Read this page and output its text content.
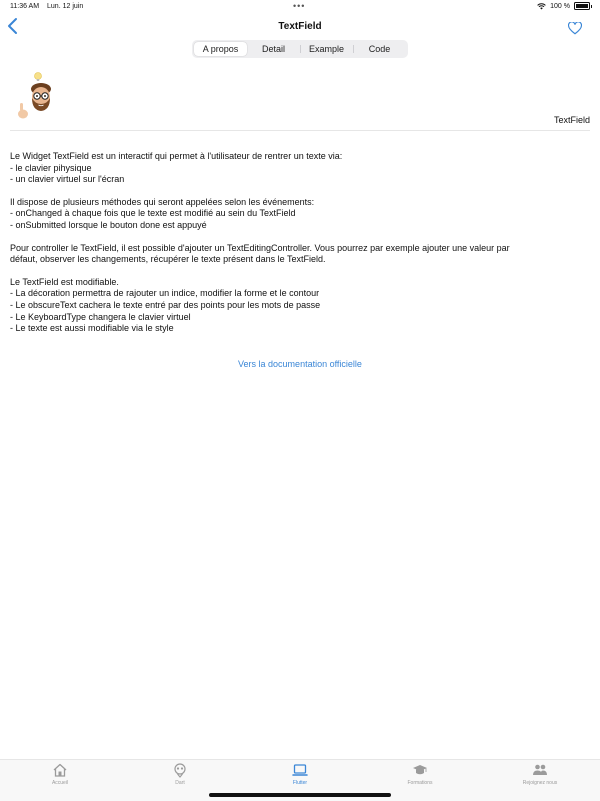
11:36 AM Lun. 12 juin	•••	100 %
TextField
A propos	Detail	Example	Code
TextField
Le Widget TextField est un interactif qui permet à l'utilisateur de rentrer un texte via:
- le clavier pihysique
- un clavier virtuel sur l'écran
Il dispose de plusieurs méthodes qui seront appelées selon les événements:
- onChanged à chaque fois que le texte est modifié au sein du TextField
- onSubmitted lorsque le bouton done est appuyé
Pour controller le TextField, il est possible d'ajouter un TextEditingController. Vous pourrez par exemple ajouter une valeur par
défaut, observer les changements, récupérer le texte présent dans le TextField.
Le TextField est modifiable.
- La décoration permettra de rajouter un indice, modifier la forme et le contour
- Le obscureText cachera le texte entré par des points pour les mots de passe
- Le KeyboardType changera le clavier virtuel
- Le texte est aussi modifiable via le style
Vers la documentation officielle
Accueil	Dart	Flutter	Formations	Rejoignez nous
